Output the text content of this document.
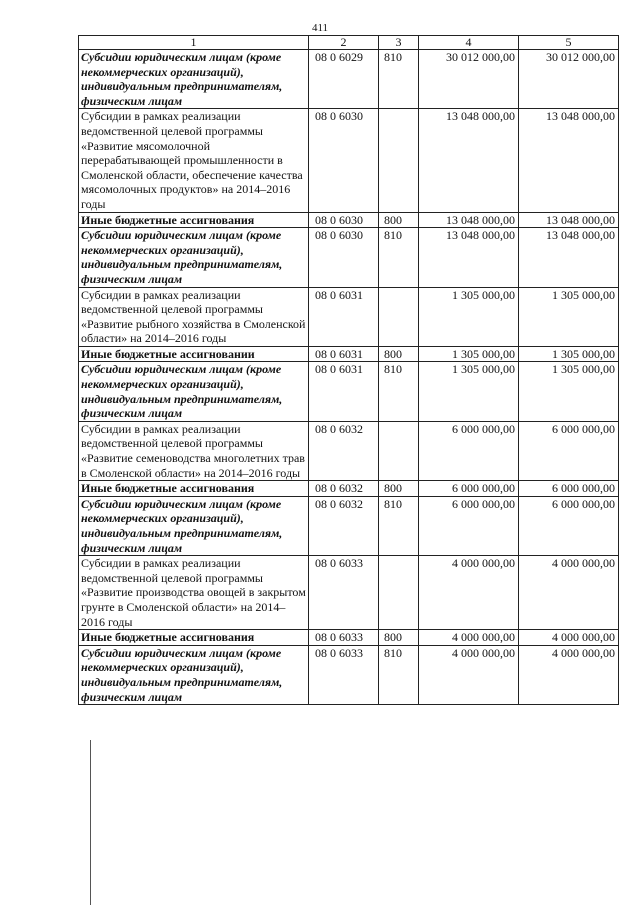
411
1	2	3	4	5
Субсидии юридическим лицам (кроме некоммерческих организаций), индивидуальным предпринимателям, физическим лицам	08 0 6029	810	30 012 000,00	30 012 000,00
Субсидии в рамках реализации ведомственной целевой программы «Развитие мясомолочной перерабатывающей промышленности в Смоленской области, обеспечение качества мясомолочных продуктов» на 2014–2016 годы	08 0 6030		13 048 000,00	13 048 000,00
Иные бюджетные ассигнования	08 0 6030	800	13 048 000,00	13 048 000,00
Субсидии юридическим лицам (кроме некоммерческих организаций), индивидуальным предпринимателям, физическим лицам	08 0 6030	810	13 048 000,00	13 048 000,00
Субсидии в рамках реализации ведомственной целевой программы «Развитие рыбного хозяйства в Смоленской области» на 2014–2016 годы	08 0 6031		1 305 000,00	1 305 000,00
Иные бюджетные ассигновании	08 0 6031	800	1 305 000,00	1 305 000,00
Субсидии юридическим лицам (кроме некоммерческих организаций), индивидуальным предпринимателям, физическим лицам	08 0 6031	810	1 305 000,00	1 305 000,00
Субсидии в рамках реализации ведомственной целевой программы «Развитие семеноводства многолетних трав в Смоленской области» на 2014–2016 годы	08 0 6032		6 000 000,00	6 000 000,00
Иные бюджетные ассигнования	08 0 6032	800	6 000 000,00	6 000 000,00
Субсидии юридическим лицам (кроме некоммерческих организаций), индивидуальным предпринимателям, физическим лицам	08 0 6032	810	6 000 000,00	6 000 000,00
Субсидии в рамках реализации ведомственной целевой программы «Развитие производства овощей в закрытом грунте в Смоленской области» на 2014–2016 годы	08 0 6033		4 000 000,00	4 000 000,00
Иные бюджетные ассигнования	08 0 6033	800	4 000 000,00	4 000 000,00
Субсидии юридическим лицам (кроме некоммерческих организаций), индивидуальным предпринимателям, физическим лицам	08 0 6033	810	4 000 000,00	4 000 000,00
